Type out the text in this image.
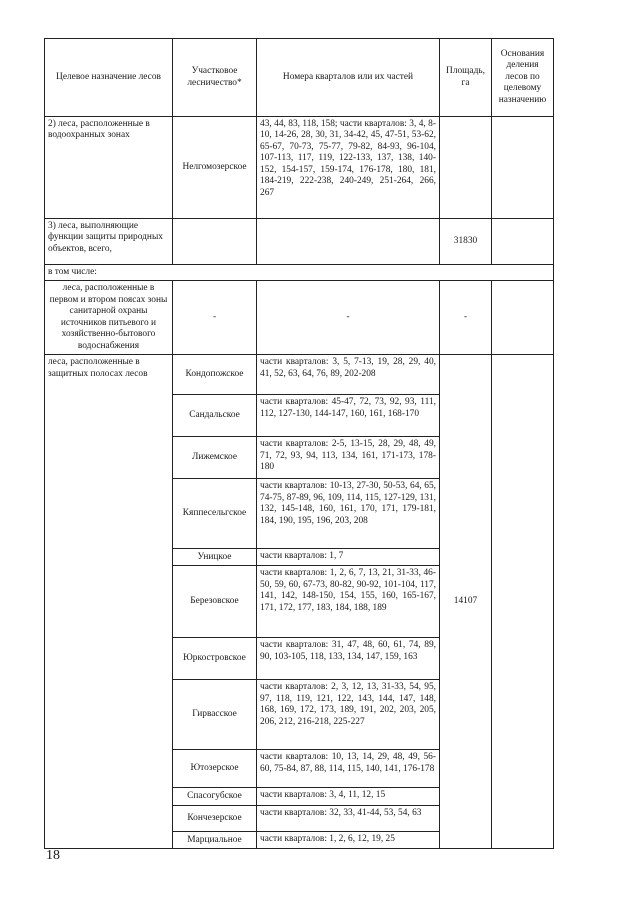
Целевое назначение лесов	Участковое лесничество*	Номера кварталов или их частей	Площадь, га	Основания деления лесов по целевому назначению
2) леса, расположенные в водоохранных зонах	Нелгомозерское	43, 44, 83, 118, 158; части кварталов: 3, 4, 8-10, 14-26, 28, 30, 31, 34-42, 45, 47-51, 53-62, 65-67, 70-73, 75-77, 79-82, 84-93, 96-104, 107-113, 117, 119, 122-133, 137, 138, 140-152, 154-157, 159-174, 176-178, 180, 181, 184-219, 222-238, 240-249, 251-264, 266, 267		
3) леса, выполняющие функции защиты природных объектов, всего,			31830	
в том числе:				
леса, расположенные в первом и втором поясах зоны санитарной охраны источников питьевого и хозяйственно-бытового водоснабжения	-	-	-	
леса, расположенные в защитных полосах лесов	Кондопожское	части кварталов: 3, 5, 7-13, 19, 28, 29, 40, 41, 52, 63, 64, 76, 89, 202-208	14107	
	Сандальское	части кварталов: 45-47, 72, 73, 92, 93, 111, 112, 127-130, 144-147, 160, 161, 168-170		
	Лижемское	части кварталов: 2-5, 13-15, 28, 29, 48, 49, 71, 72, 93, 94, 113, 134, 161, 171-173, 178-180		
	Кяппесельгское	части кварталов: 10-13, 27-30, 50-53, 64, 65, 74-75, 87-89, 96, 109, 114, 115, 127-129, 131, 132, 145-148, 160, 161, 170, 171, 179-181, 184, 190, 195, 196, 203, 208		
	Уницкое	части кварталов: 1, 7		
	Березовское	части кварталов: 1, 2, 6, 7, 13, 21, 31-33, 46-50, 59, 60, 67-73, 80-82, 90-92, 101-104, 117, 141, 142, 148-150, 154, 155, 160, 165-167, 171, 172, 177, 183, 184, 188, 189		
	Юркостровское	части кварталов: 31, 47, 48, 60, 61, 74, 89, 90, 103-105, 118, 133, 134, 147, 159, 163		
	Гирвасское	части кварталов: 2, 3, 12, 13, 31-33, 54, 95, 97, 118, 119, 121, 122, 143, 144, 147, 148, 168, 169, 172, 173, 189, 191, 202, 203, 205, 206, 212, 216-218, 225-227		
	Ютозерское	части кварталов: 10, 13, 14, 29, 48, 49, 56-60, 75-84, 87, 88, 114, 115, 140, 141, 176-178		
	Спасогубское	части кварталов: 3, 4, 11, 12, 15		
	Кончезерское	части кварталов: 32, 33, 41-44, 53, 54, 63		
	Марциальное	части кварталов: 1, 2, 6, 12, 19, 25		
18
